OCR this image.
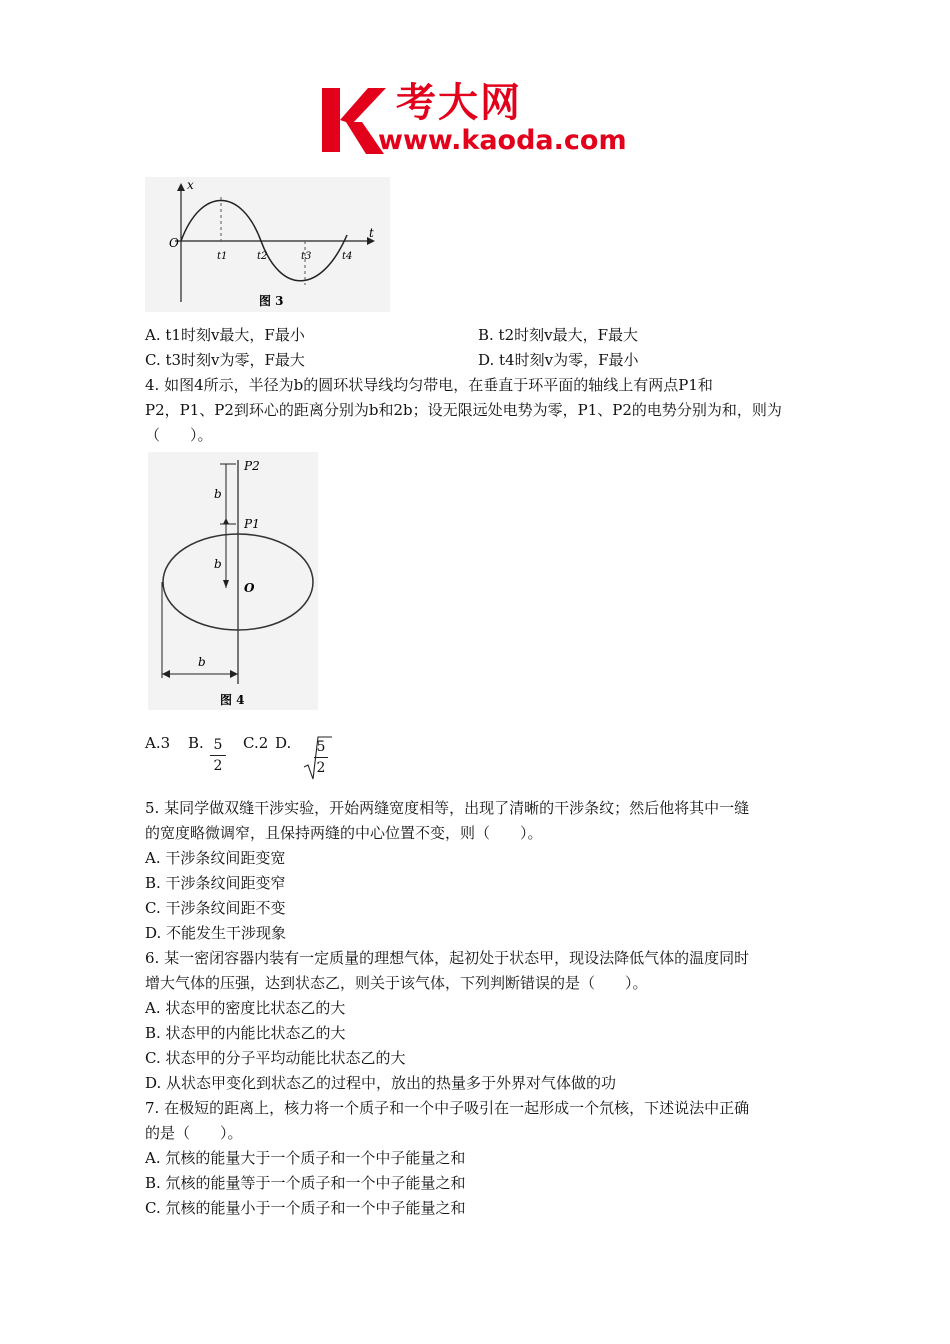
考大网
www.kaoda.com
x
t
O
t1	t2	t3	t4
图 3
A. t1时刻v最大，F最小	B. t2时刻v最大，F最大
C. t3时刻v为零，F最大	D. t4时刻v为零，F最小
4. 如图4所示，半径为b的圆环状导线均匀带电，在垂直于环平面的轴线上有两点P1和
P2，P1、P2到环心的距离分别为b和2b；设无限远处电势为零，P1、P2的电势分别为和，则为
（　　）。
P2
P1
O
b
b
b
图 4
A.3 B. 5
2
C.2 D. 5
2
5. 某同学做双缝干涉实验，开始两缝宽度相等，出现了清晰的干涉条纹；然后他将其中一缝
的宽度略微调窄，且保持两缝的中心位置不变，则（　　）。
A. 干涉条纹间距变宽
B. 干涉条纹间距变窄
C. 干涉条纹间距不变
D. 不能发生干涉现象
6. 某一密闭容器内装有一定质量的理想气体，起初处于状态甲，现设法降低气体的温度同时
增大气体的压强，达到状态乙，则关于该气体，下列判断错误的是（　　）。
A. 状态甲的密度比状态乙的大
B. 状态甲的内能比状态乙的大
C. 状态甲的分子平均动能比状态乙的大
D. 从状态甲变化到状态乙的过程中，放出的热量多于外界对气体做的功
7. 在极短的距离上，核力将一个质子和一个中子吸引在一起形成一个氘核，下述说法中正确
的是（　　）。
A. 氘核的能量大于一个质子和一个中子能量之和
B. 氘核的能量等于一个质子和一个中子能量之和
C. 氘核的能量小于一个质子和一个中子能量之和
